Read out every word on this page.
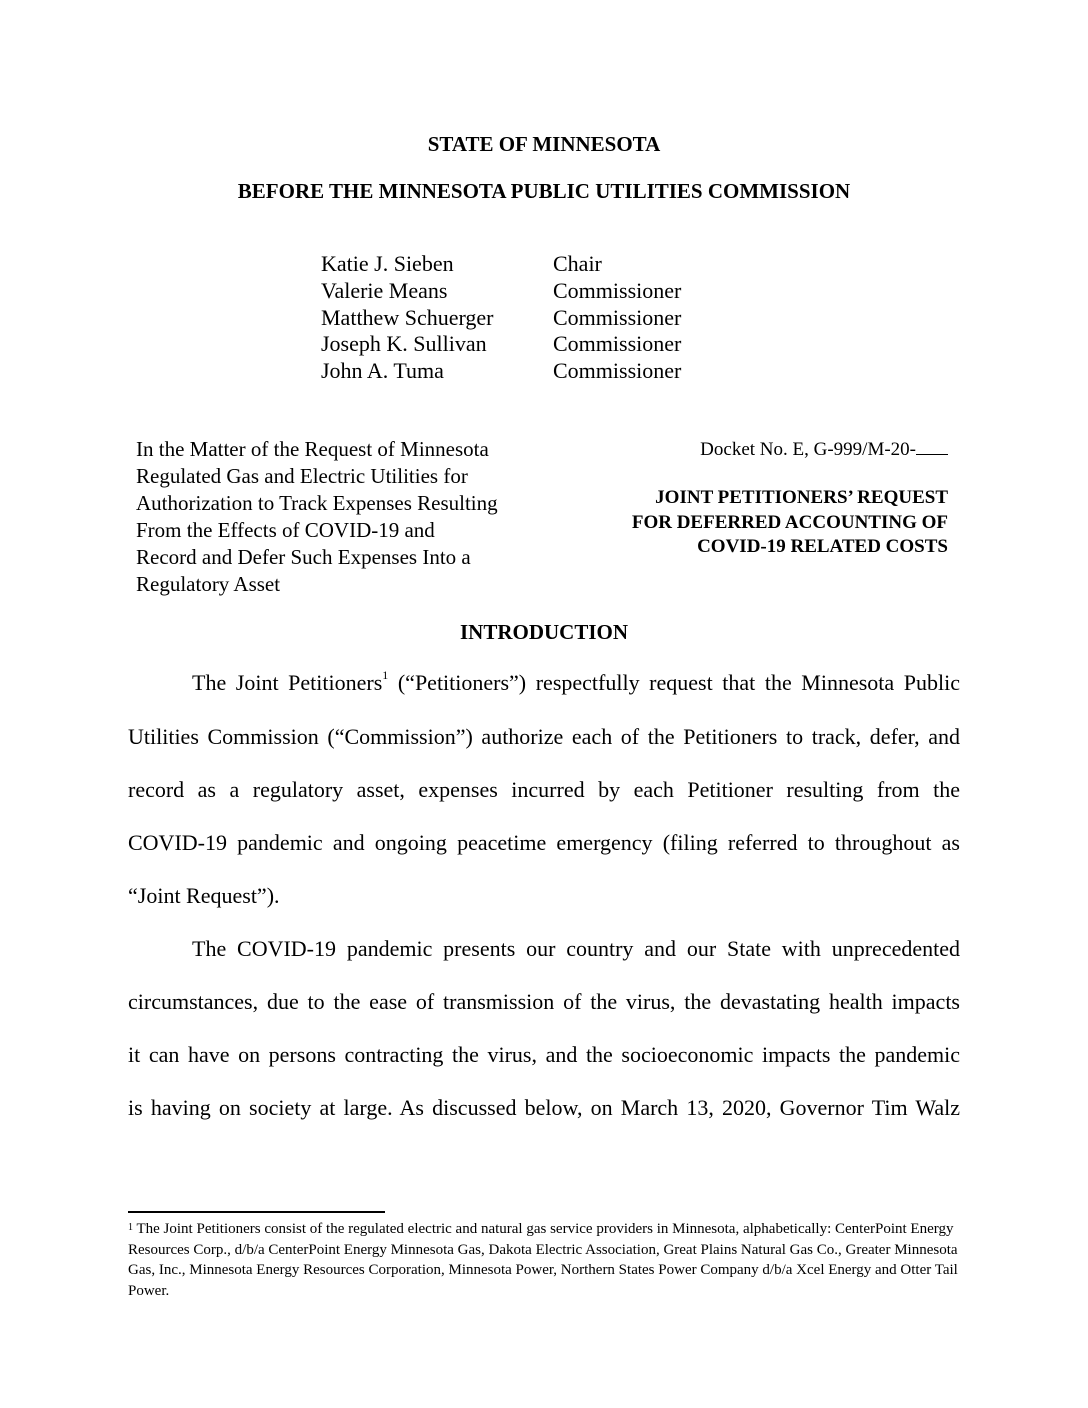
STATE OF MINNESOTA
BEFORE THE MINNESOTA PUBLIC UTILITIES COMMISSION
Katie J. Sieben	Chair
Valerie Means	Commissioner
Matthew Schuerger	Commissioner
Joseph K. Sullivan	Commissioner
John A. Tuma	Commissioner
In the Matter of the Request of Minnesota
Regulated Gas and Electric Utilities for
Authorization to Track Expenses Resulting
From the Effects of COVID-19 and
Record and Defer Such Expenses Into a
Regulatory Asset
Docket No. E, G-999/M-20-
JOINT PETITIONERS’ REQUEST
FOR DEFERRED ACCOUNTING OF
COVID-19 RELATED COSTS
INTRODUCTION
The Joint Petitioners$^1$ (“Petitioners”) respectfully request that the Minnesota Public
Utilities Commission (“Commission”) authorize each of the Petitioners to track, defer, and
record as a regulatory asset, expenses incurred by each Petitioner resulting from the
COVID-19 pandemic and ongoing peacetime emergency (filing referred to throughout as
“Joint Request”).
The COVID-19 pandemic presents our country and our State with unprecedented
circumstances, due to the ease of transmission of the virus, the devastating health impacts
it can have on persons contracting the virus, and the socioeconomic impacts the pandemic
is having on society at large. As discussed below, on March 13, 2020, Governor Tim Walz
$^1$ The Joint Petitioners consist of the regulated electric and natural gas service providers in Minnesota, alphabetically: CenterPoint Energy Resources Corp., d/b/a CenterPoint Energy Minnesota Gas, Dakota Electric Association, Great Plains Natural Gas Co., Greater Minnesota Gas, Inc., Minnesota Energy Resources Corporation, Minnesota Power, Northern States Power Company d/b/a Xcel Energy and Otter Tail Power.
